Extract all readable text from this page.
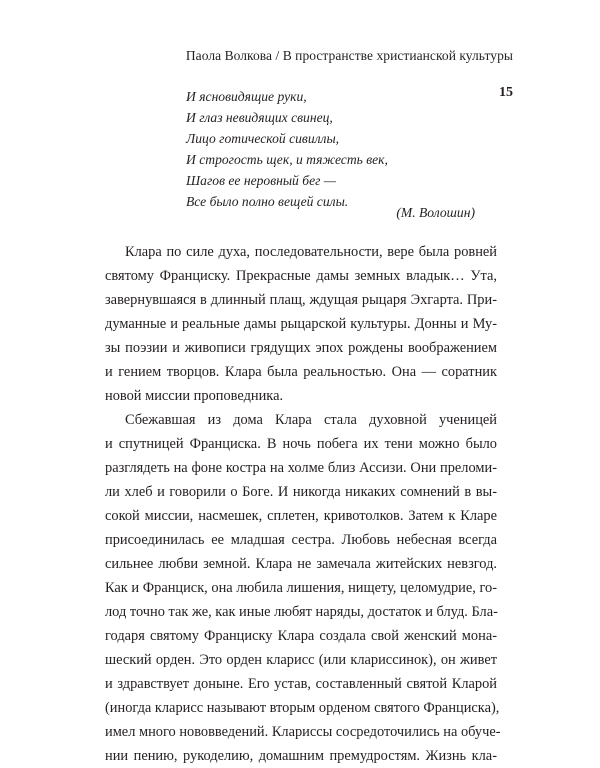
Паола Волкова / В пространстве христианской культуры
15
И ясновидящие руки,
И глаз невидящих свинец,
Лицо готической сивиллы,
И строгость щек, и тяжесть век,
Шагов ее неровный бег —
Все было полно вещей силы.
(М. Волошин)
Клара по силе духа, последовательности, вере была ровней
святому Франциску. Прекрасные дамы земных владык… Ута,
завернувшаяся в длинный плащ, ждущая рыцаря Эхгарта. При-
думанные и реальные дамы рыцарской культуры. Донны и Му-
зы поэзии и живописи грядущих эпох рождены воображением
и гением творцов. Клара была реальностью. Она — соратник
новой миссии проповедника.
Сбежавшая из дома Клара стала духовной ученицей
и спутницей Франциска. В ночь побега их тени можно было
разглядеть на фоне костра на холме близ Ассизи. Они преломи-
ли хлеб и говорили о Боге. И никогда никаких сомнений в вы-
сокой миссии, насмешек, сплетен, кривотолков. Затем к Кларе
присоединилась ее младшая сестра. Любовь небесная всегда
сильнее любви земной. Клара не замечала житейских невзгод.
Как и Франциск, она любила лишения, нищету, целомудрие, го-
лод точно так же, как иные любят наряды, достаток и блуд. Бла-
годаря святому Франциску Клара создала свой женский мона-
шеский орден. Это орден кларисс (или клариссинок), он живет
и здравствует доныне. Его устав, составленный святой Кларой
(иногда кларисс называют вторым орденом святого Франциска),
имел много нововведений. Клариссы сосредоточились на обучe-
нии пению, рукоделию, домашним премудростям. Жизнь кла-
